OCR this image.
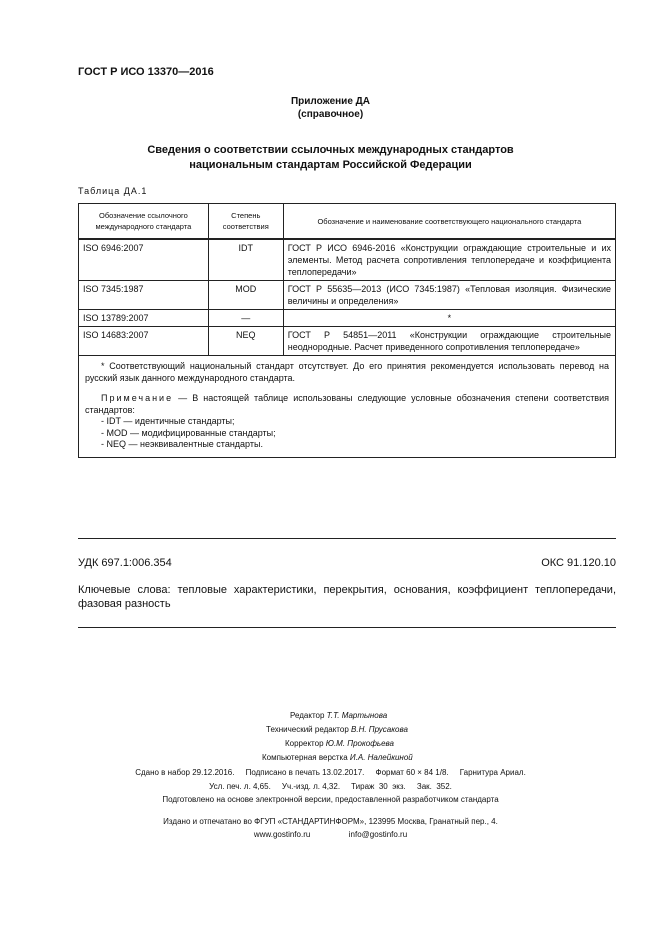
ГОСТ Р ИСО 13370—2016
Приложение ДА
(справочное)
Сведения о соответствии ссылочных международных стандартов
национальным стандартам Российской Федерации
Таблица ДА.1
Обозначение ссылочного международного стандарта	Степень соответствия	Обозначение и наименование соответствующего национального стандарта
ISO 6946:2007	IDT	ГОСТ Р ИСО 6946-2016 «Конструкции ограждающие строительные и их элементы. Метод расчета сопротивления теплопередаче и коэффициента теплопередачи»
ISO 7345:1987	MOD	ГОСТ Р 55635—2013 (ИСО 7345:1987) «Тепловая изоляция. Физические величины и определения»
ISO 13789:2007	—	*
ISO 14683:2007	NEQ	ГОСТ Р 54851—2011 «Конструкции ограждающие строительные неоднородные. Расчет приведенного сопротивления теплопередаче»

* Соответствующий национальный стандарт отсутствует. До его принятия рекомендуется использовать перевод на русский язык данного международного стандарта.

Примечание — В настоящей таблице использованы следующие условные обозначения степени соответствия стандартов:

- IDT — идентичные стандарты;

- MOD — модифицированные стандарты;

- NEQ — неэквивалентные стандарты.		

УДК 697.1:006.354	ОКС 91.120.10
Ключевые слова: тепловые характеристики, перекрытия, основания, коэффициент теплопередачи, фазовая разность
Редактор Т.Т. Мартынова
Технический редактор В.Н. Прусакова
Корректор Ю.М. Прокофьева
Компьютерная верстка И.А. Налейкиной
Сдано в набор 29.12.2016.     Подписано в печать 13.02.2017.     Формат 60 × 84 1/8.     Гарнитура Ариал.
Усл. печ. л. 4,65.     Уч.-изд. л. 4,32.     Тираж  30  экз.     Зак.  352.
Подготовлено на основе электронной версии, предоставленной разработчиком стандарта
Издано и отпечатано во ФГУП «СТАНДАРТИНФОРМ», 123995 Москва, Гранатный пер., 4.
www.gostinfo.ru	info@gostinfo.ru
